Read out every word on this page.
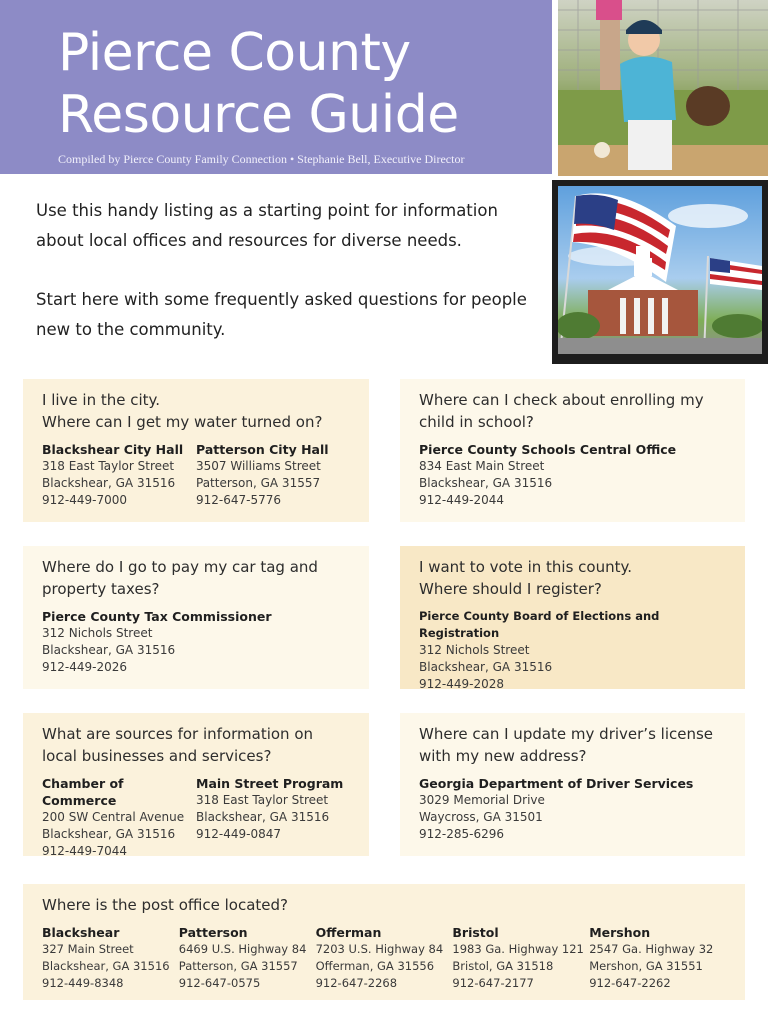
Pierce County
Resource Guide
Compiled by Pierce County Family Connection • Stephanie Bell, Executive Director

Use this handy listing as a starting point for information about local offices and resources for diverse needs.

Start here with some frequently asked questions for people new to the community.

I live in the city.
Where can I get my water turned on?
Blackshear City Hall
318 East Taylor Street
Blackshear, GA 31516
912-449-7000
Patterson City Hall
3507 Williams Street
Patterson, GA 31557
912-647-5776
Where can I check about enrolling my
child in school?
Pierce County Schools Central Office
834 East Main Street
Blackshear, GA 31516
912-449-2044
Where do I go to pay my car tag and
property taxes?
Pierce County Tax Commissioner
312 Nichols Street
Blackshear, GA 31516
912-449-2026
I want to vote in this county.
Where should I register?
Pierce County Board of Elections and Registration
312 Nichols Street
Blackshear, GA 31516
912-449-2028
What are sources for information on
local businesses and services?
Chamber of Commerce
200 SW Central Avenue
Blackshear, GA 31516
912-449-7044
Main Street Program
318 East Taylor Street
Blackshear, GA 31516
912-449-0847
Where can I update my driver’s license
with my new address?
Georgia Department of Driver Services
3029 Memorial Drive
Waycross, GA 31501
912-285-6296
Where is the post office located?
Blackshear
327 Main Street
Blackshear, GA 31516
912-449-8348
Patterson
6469 U.S. Highway 84
Patterson, GA 31557
912-647-0575
Offerman
7203 U.S. Highway 84
Offerman, GA 31556
912-647-2268
Bristol
1983 Ga. Highway 121
Bristol, GA 31518
912-647-2177
Mershon
2547 Ga. Highway 32
Mershon, GA 31551
912-647-2262
